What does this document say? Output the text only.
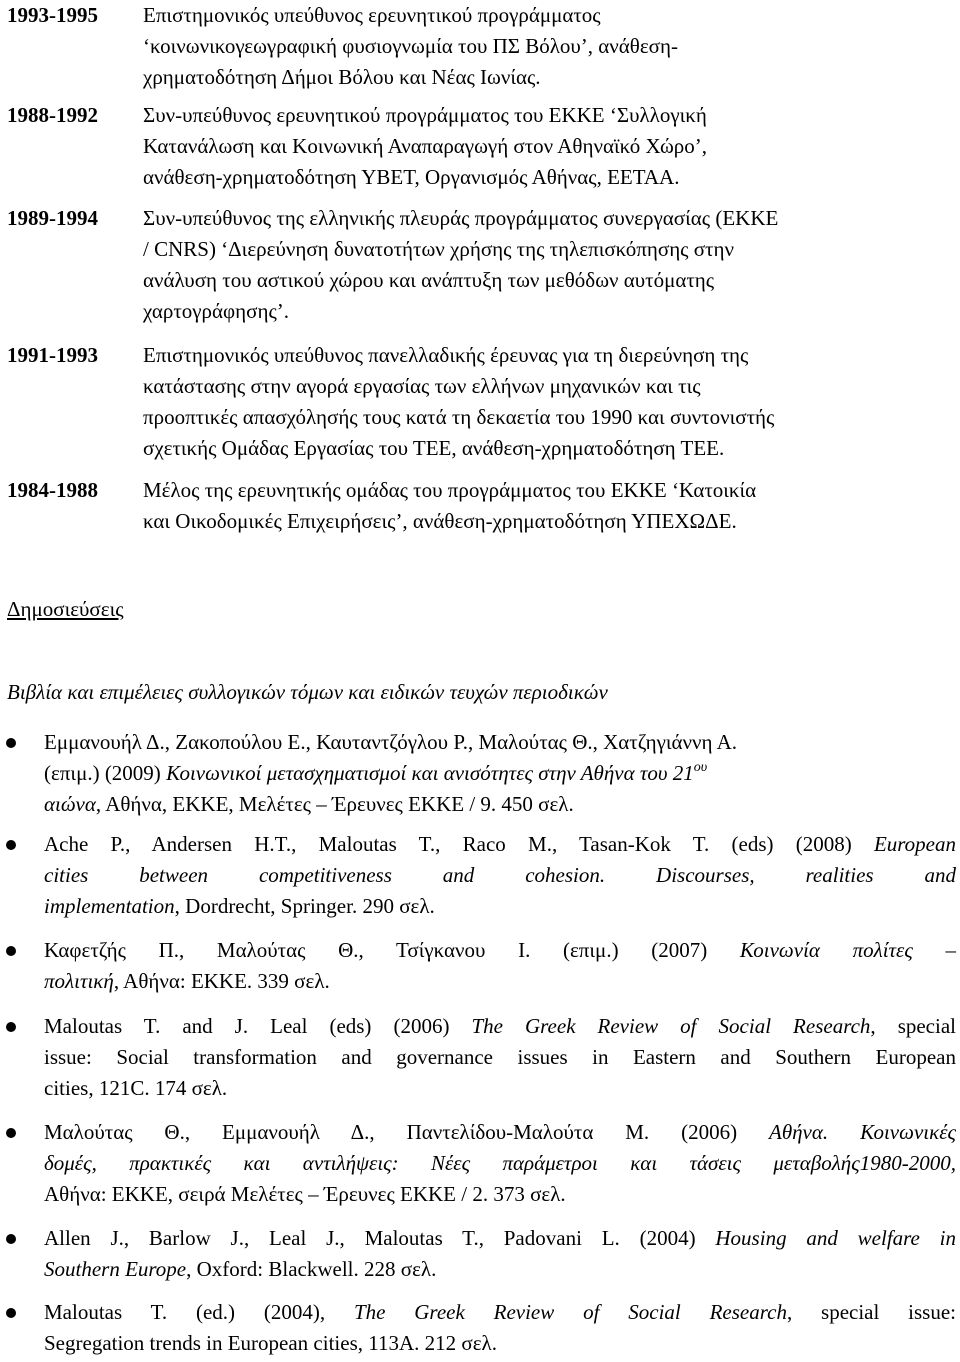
1993-1995 Επιστημονικός υπεύθυνος ερευνητικού προγράμματος
‘κοινωνικογεωγραφική φυσιογνωμία του ΠΣ Βόλου’, ανάθεση-
χρηματοδότηση Δήμοι Βόλου και Νέας Ιωνίας.
1988-1992 Συν-υπεύθυνος ερευνητικού προγράμματος του ΕΚΚΕ ‘Συλλογική
Κατανάλωση και Κοινωνική Αναπαραγωγή στον Αθηναϊκό Χώρο’,
ανάθεση-χρηματοδότηση ΥΒΕΤ, Οργανισμός Αθήνας, ΕΕΤΑΑ.
1989-1994 Συν-υπεύθυνος της ελληνικής πλευράς προγράμματος συνεργασίας (ΕΚΚΕ
/ CNRS) ‘Διερεύνηση δυνατοτήτων χρήσης της τηλεπισκόπησης στην
ανάλυση του αστικού χώρου και ανάπτυξη των μεθόδων αυτόματης
χαρτογράφησης’.
1991-1993 Επιστημονικός υπεύθυνος πανελλαδικής έρευνας για τη διερεύνηση της
κατάστασης στην αγορά εργασίας των ελλήνων μηχανικών και τις
προοπτικές απασχόλησής τους κατά τη δεκαετία του 1990 και συντονιστής
σχετικής Ομάδας Εργασίας του ΤΕΕ, ανάθεση-χρηματοδότηση ΤΕΕ.
1984-1988 Μέλος της ερευνητικής ομάδας του προγράμματος του ΕΚΚΕ ‘Κατοικία
και Οικοδομικές Επιχειρήσεις’, ανάθεση-χρηματοδότηση ΥΠΕΧΩΔΕ.
Δημοσιεύσεις
Βιβλία και επιμέλειες συλλογικών τόμων και ειδικών τευχών περιοδικών
Εμμανουήλ Δ., Ζακοπούλου Ε., Καυταντζόγλου Ρ., Μαλούτας Θ., Χατζηγιάννη Α.
(επιμ.) (2009) Κοινωνικοί μετασχηματισμοί και ανισότητες στην Αθήνα του $21^{o\upsilon}$
αιώνα, Αθήνα, ΕΚΚΕ, Μελέτες – Έρευνες ΕΚΚΕ / 9. 450 σελ.
Ache P., Andersen H.T., Maloutas T., Raco M., Tasan-Kok T. (eds) (2008) European
cities between competitiveness and cohesion. Discourses, realities and
implementation, Dordrecht, Springer. 290 σελ.
Καφετζής Π., Μαλούτας Θ., Τσίγκανου Ι. (επιμ.) (2007) Κοινωνία πολίτες –
πολιτική, Αθήνα: ΕΚΚΕ. 339 σελ.
Maloutas T. and J. Leal (eds) (2006) The Greek Review of Social Research, special
issue: Social transformation and governance issues in Eastern and Southern European
cities, 121C. 174 σελ.
Μαλούτας Θ., Εμμανουήλ Δ., Παντελίδου-Μαλούτα Μ. (2006) Αθήνα. Κοινωνικές
δομές, πρακτικές και αντιλήψεις: Νέες παράμετροι και τάσεις μεταβολής1980-2000,
Αθήνα: ΕΚΚΕ, σειρά Μελέτες – Έρευνες ΕΚΚΕ / 2. 373 σελ.
Allen J., Barlow J., Leal J., Maloutas T., Padovani L. (2004) Housing and welfare in
Southern Europe, Oxford: Blackwell. 228 σελ.
Maloutas T. (ed.) (2004), The Greek Review of Social Research, special issue:
Segregation trends in European cities, 113A. 212 σελ.
